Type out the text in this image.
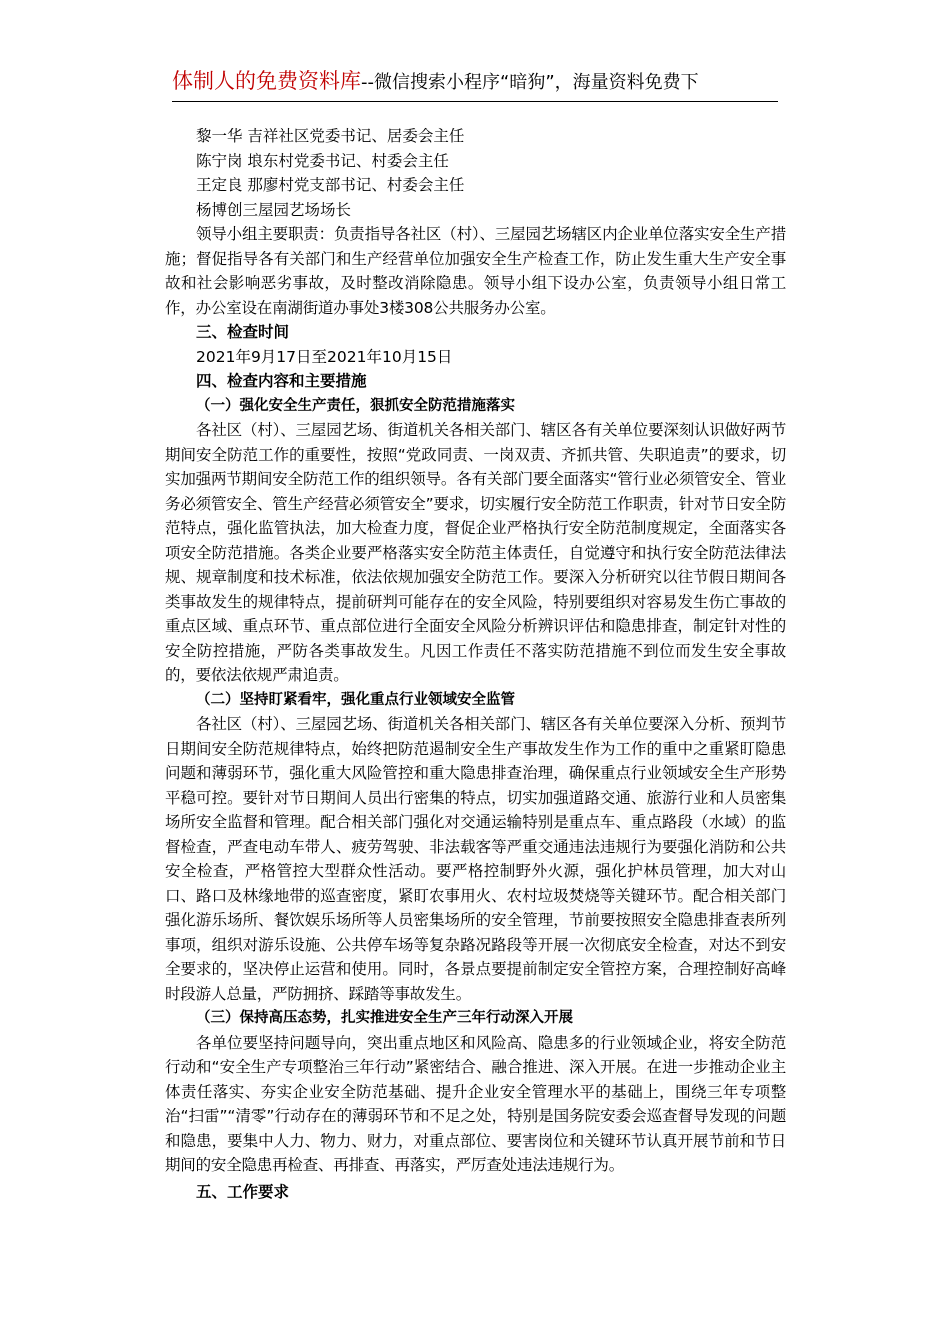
体制人的免费资料库--微信搜索小程序“暗狗”，海量资料免费下

黎一华 吉祥社区党委书记、居委会主任

陈宁岗 埌东村党委书记、村委会主任

王定良 那廖村党支部书记、村委会主任

杨博创三屋园艺场场长

领导小组主要职责：负责指导各社区（村）、三屋园艺场辖区内企业单位落实安全生产措施；督促指导各有关部门和生产经营单位加强安全生产检查工作，防止发生重大生产安全事故和社会影响恶劣事故，及时整改消除隐患。领导小组下设办公室，负责领导小组日常工作，办公室设在南湖街道办事处3楼308公共服务办公室。

三、检查时间

2021年9月17日至2021年10月15日

四、检查内容和主要措施

（一）强化安全生产责任，狠抓安全防范措施落实

各社区（村）、三屋园艺场、街道机关各相关部门、辖区各有关单位要深刻认识做好两节期间安全防范工作的重要性，按照“党政同责、一岗双责、齐抓共管、失职追责”的要求，切实加强两节期间安全防范工作的组织领导。各有关部门要全面落实“管行业必须管安全、管业务必须管安全、管生产经营必须管安全”要求，切实履行安全防范工作职责，针对节日安全防范特点，强化监管执法，加大检查力度，督促企业严格执行安全防范制度规定，全面落实各项安全防范措施。各类企业要严格落实安全防范主体责任，自觉遵守和执行安全防范法律法规、规章制度和技术标准，依法依规加强安全防范工作。要深入分析研究以往节假日期间各类事故发生的规律特点，提前研判可能存在的安全风险，特别要组织对容易发生伤亡事故的重点区域、重点环节、重点部位进行全面安全风险分析辨识评估和隐患排查，制定针对性的安全防控措施，严防各类事故发生。凡因工作责任不落实防范措施不到位而发生安全事故的，要依法依规严肃追责。

（二）坚持盯紧看牢，强化重点行业领域安全监管

各社区（村）、三屋园艺场、街道机关各相关部门、辖区各有关单位要深入分析、预判节日期间安全防范规律特点，始终把防范遏制安全生产事故发生作为工作的重中之重紧盯隐患问题和薄弱环节，强化重大风险管控和重大隐患排查治理，确保重点行业领域安全生产形势平稳可控。要针对节日期间人员出行密集的特点，切实加强道路交通、旅游行业和人员密集场所安全监督和管理。配合相关部门强化对交通运输特别是重点车、重点路段（水域）的监督检查，严查电动车带人、疲劳驾驶、非法载客等严重交通违法违规行为要强化消防和公共安全检查，严格管控大型群众性活动。要严格控制野外火源，强化护林员管理，加大对山口、路口及林缘地带的巡查密度，紧盯农事用火、农村垃圾焚烧等关键环节。配合相关部门强化游乐场所、餐饮娱乐场所等人员密集场所的安全管理，节前要按照安全隐患排查表所列事项，组织对游乐设施、公共停车场等复杂路况路段等开展一次彻底安全检查，对达不到安全要求的，坚决停止运营和使用。同时，各景点要提前制定安全管控方案，合理控制好高峰时段游人总量，严防拥挤、踩踏等事故发生。

（三）保持高压态势，扎实推进安全生产三年行动深入开展

各单位要坚持问题导向，突出重点地区和风险高、隐患多的行业领域企业，将安全防范行动和“安全生产专项整治三年行动”紧密结合、融合推进、深入开展。在进一步推动企业主体责任落实、夯实企业安全防范基础、提升企业安全管理水平的基础上，围绕三年专项整治“扫雷”“清零”行动存在的薄弱环节和不足之处，特别是国务院安委会巡查督导发现的问题和隐患，要集中人力、物力、财力，对重点部位、要害岗位和关键环节认真开展节前和节日期间的安全隐患再检查、再排查、再落实，严厉查处违法违规行为。

五、工作要求
